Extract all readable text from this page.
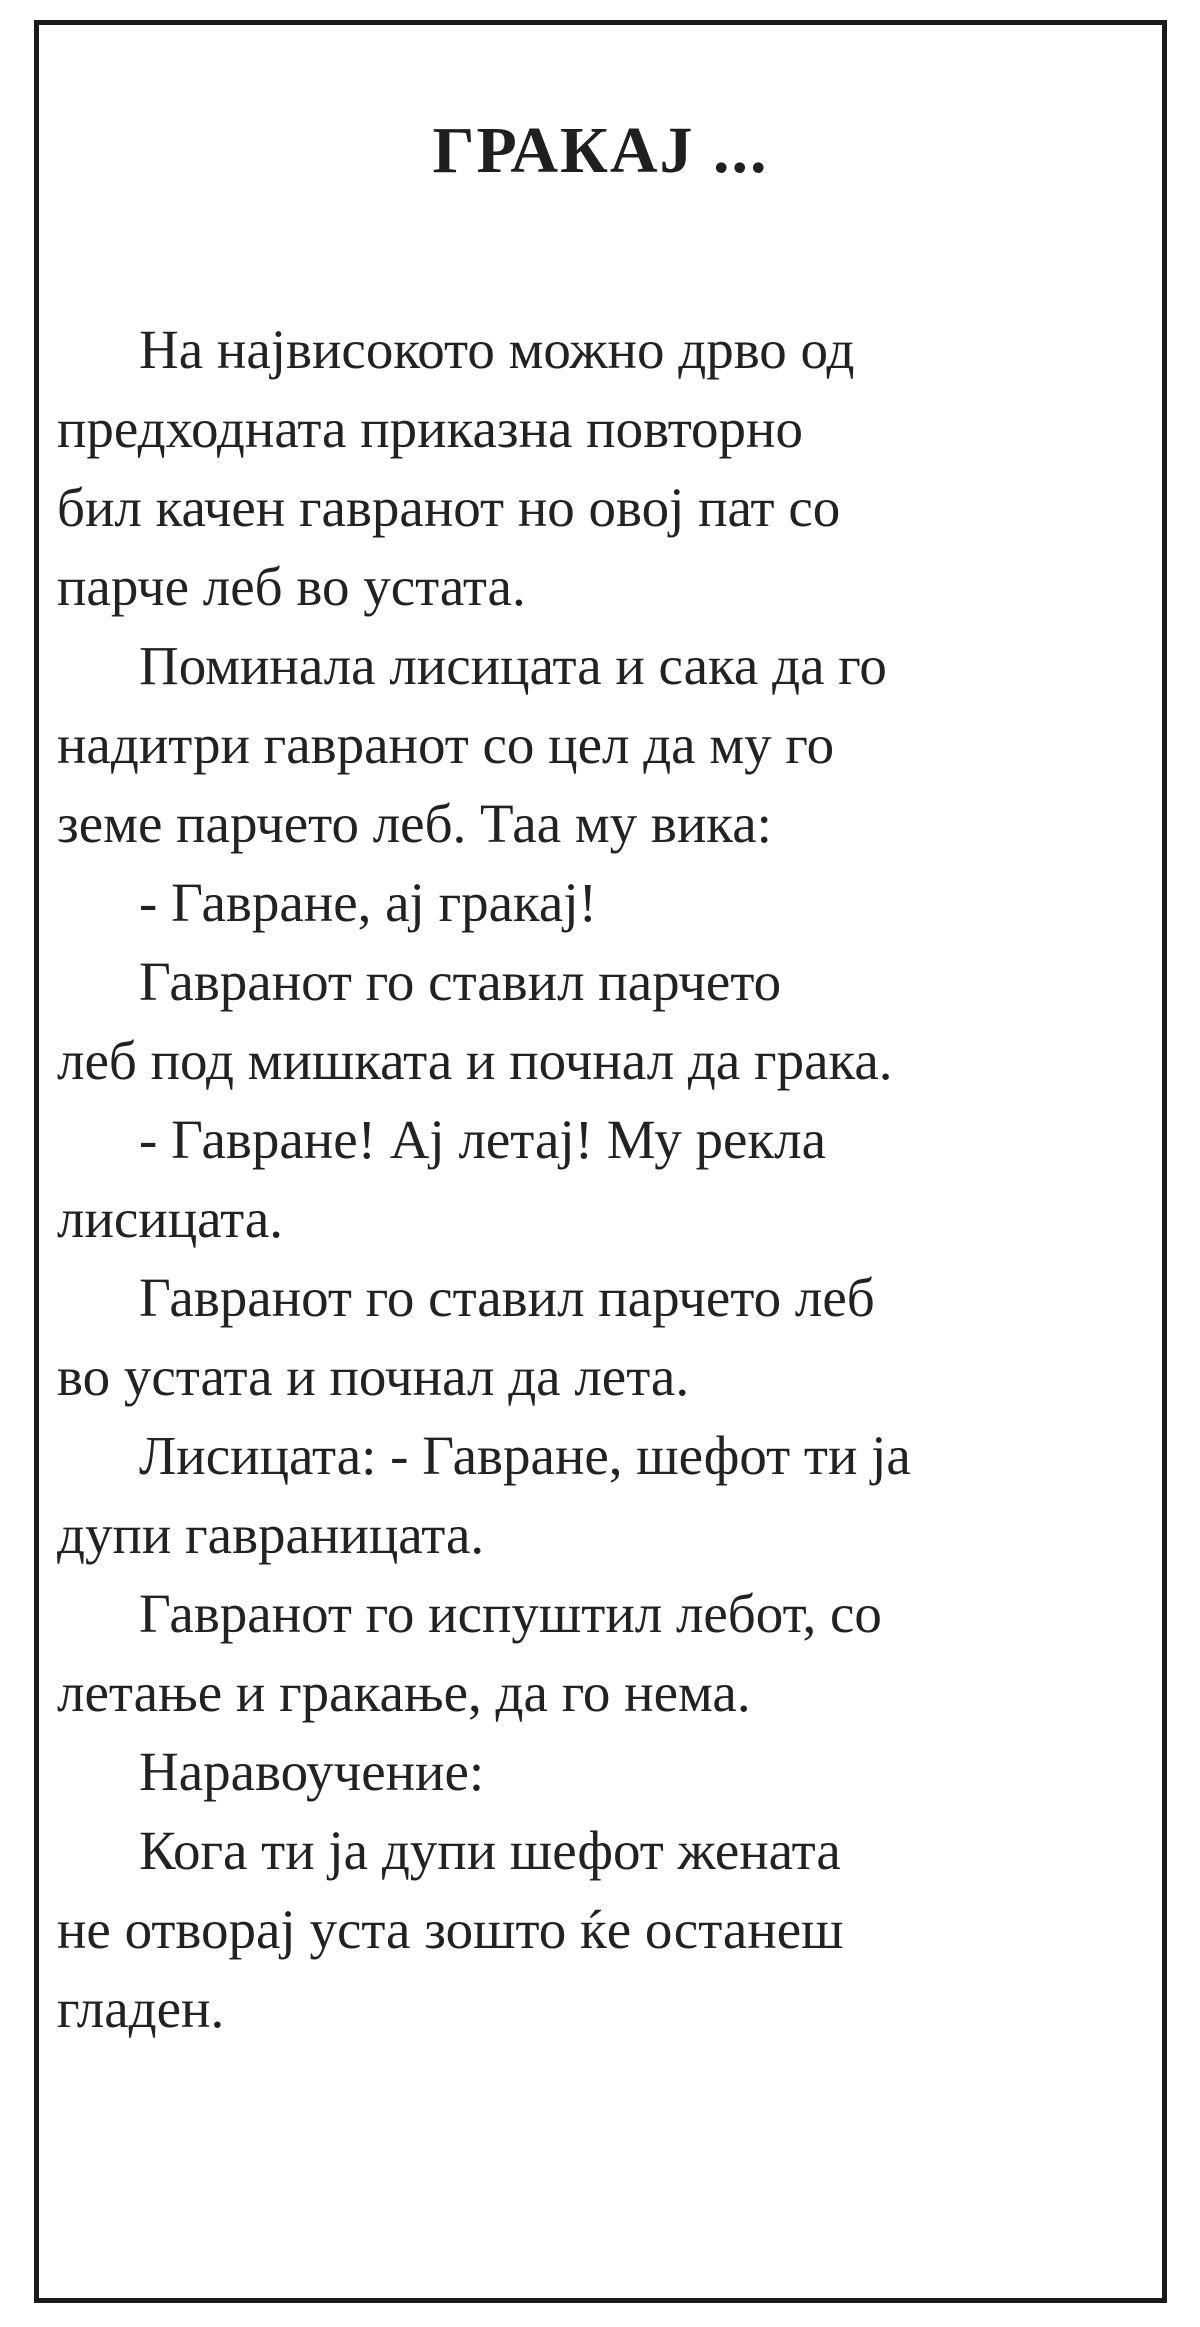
ГРАКАЈ ...

На највисокото можно дрво од
предходната приказна повторно
бил качен гавранот но овој пат со
парче леб во устата.

Поминала лисицата и сака да го
надитри гавранот со цел да му го
земе парчето леб. Таа му вика:

- Гавране, ај гракај!

Гавранот го ставил парчето
леб под мишката и почнал да грака.

- Гавране! Ај летај! Му рекла
лисицата.

Гавранот го ставил парчето леб
во устата и почнал да лета.

Лисицата: - Гавране, шефот ти ја
дупи гавраницата.

Гавранот го испуштил лебот, со
летање и гракање, да го нема.

Наравоучение:

Кога ти ја дупи шефот жената
не отворај уста зошто ќе останеш
гладен.
